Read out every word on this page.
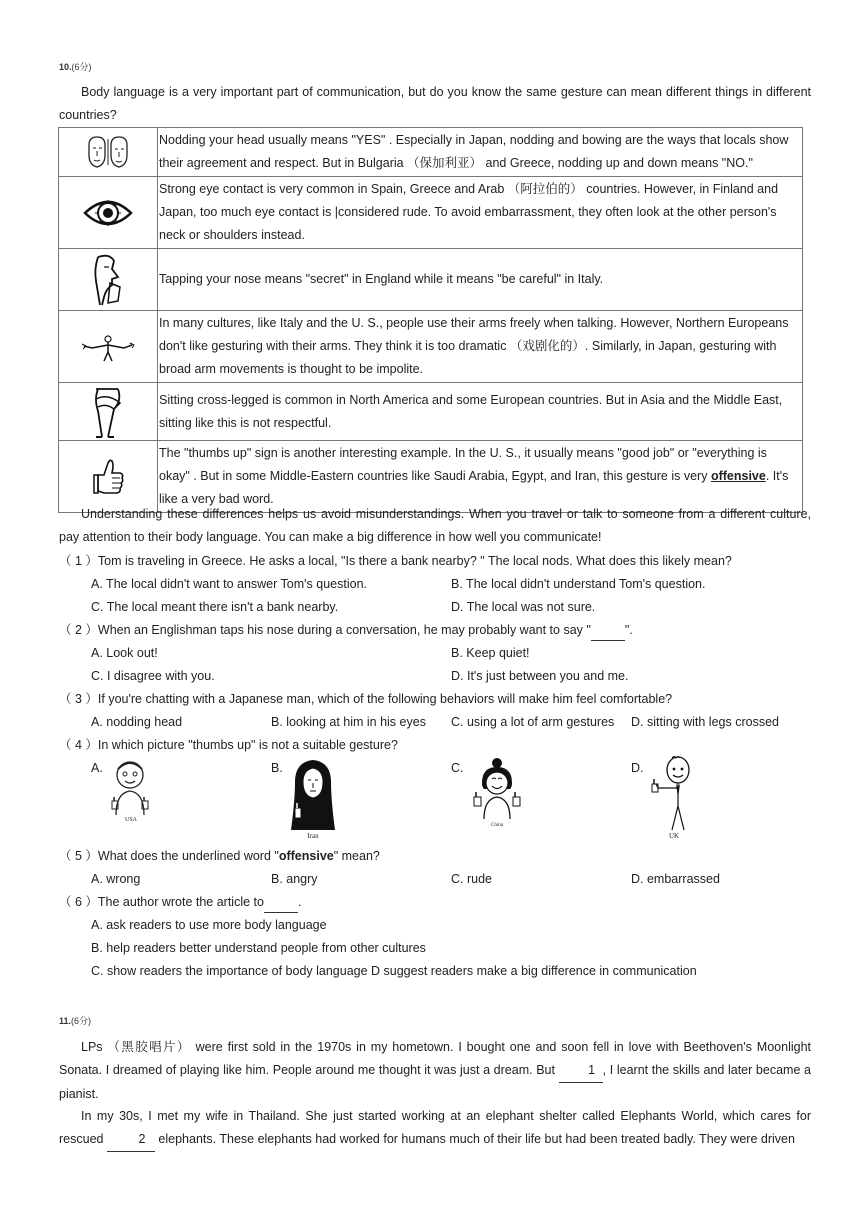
10.(6分)
Body language is a very important part of communication, but do you know the same gesture can mean different things in different countries?
	Nodding your head usually means "YES" . Especially in Japan, nodding and bowing are the ways that locals show their agreement and respect. But in Bulgaria （保加利亚） and Greece, nodding up and down means "NO."

	Strong eye contact is very common in Spain, Greece and Arab （阿拉伯的） countries. However, in Finland and Japan, too much eye contact is |considered rude. To avoid embarrassment, they often look at the other person's neck or shoulders instead.

	Tapping your nose means "secret" in England while it means "be careful" in Italy.

	In many cultures, like Italy and the U. S., people use their arms freely when talking. However, Northern Europeans don't like gesturing with their arms. They think it is too dramatic （戏剧化的）. Similarly, in Japan, gesturing with broad arm movements is thought to be impolite.

	Sitting cross-legged is common in North America and some European countries. But in Asia and the Middle East, sitting like this is not respectful.

	The "thumbs up" sign is another interesting example. In the U. S., it usually means "good job" or "everything is okay" . But in some Middle-Eastern countries like Saudi Arabia, Egypt, and Iran, this gesture is very offensive. It's like a very bad word.
Understanding these differences helps us avoid misunderstandings. When you travel or talk to someone from a different culture, pay attention to their body language. You can make a big difference in how well you communicate!
（ 1 ）Tom is traveling in Greece. He asks a local, "Is there a bank nearby? " The local nods. What does this likely mean?
A. The local didn't want to answer Tom's question.	B. The local didn't understand Tom's question.
C. The local meant there isn't a bank nearby.	D. The local was not sure.
（ 2 ）When an Englishman taps his nose during a conversation, he may probably want to say "	".
A. Look out!	B. Keep quiet!
C. I disagree with you.	D. It's just between you and me.
（ 3 ）If you're chatting with a Japanese man, which of the following behaviors will make him feel comfortable?
A. nodding head	B. looking at him in his eyes C. using a lot of arm gestures D. sitting with legs crossed
（ 4 ）In which picture "thumbs up" is not a suitable gesture?
A.	B.	C.	D.
USA
Iran
China
UK
（ 5 ）What does the underlined word "offensive" mean?
A. wrong	B. angry	C. rude	D. embarrassed
（ 6 ）The author wrote the article to	.
A. ask readers to use more body language
B. help readers better understand people from other cultures
C. show readers the importance of body language D suggest readers make a big difference in communication
11.(6分)
LPs （黑胶唱片） were first sold in the 1970s in my hometown. I bought one and soon fell in love with Beethoven's Moonlight Sonata. I dreamed of playing like him. People around me thought it was just a dream. But 1 , I learnt the skills and later became a pianist.
In my 30s, I met my wife in Thailand. She just started working at an elephant shelter called Elephants World, which cares for rescued	2 elephants. These elephants had worked for humans much of their life but had been treated badly. They were driven
